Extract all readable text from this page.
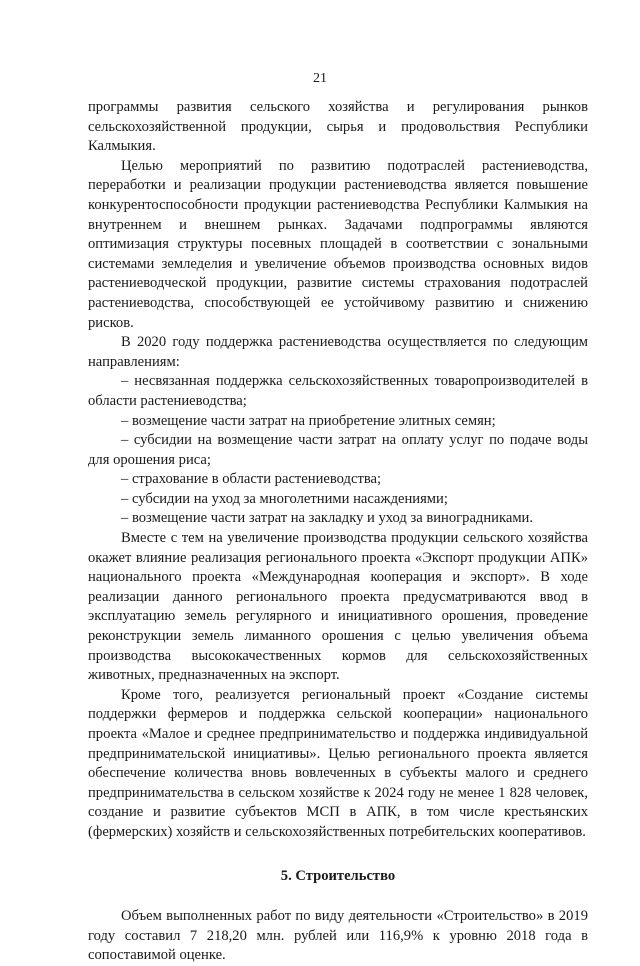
21

программы развития сельского хозяйства и регулирования рынков сельскохозяйственной продукции, сырья и продовольствия Республики Калмыкия.

Целью мероприятий по развитию подотраслей растениеводства, переработки и реализации продукции растениеводства является повышение конкурентоспособности продукции растениеводства Республики Калмыкия на внутреннем и внешнем рынках. Задачами подпрограммы являются оптимизация структуры посевных площадей в соответствии с зональными системами земледелия и увеличение объемов производства основных видов растениеводческой продукции, развитие системы страхования подотраслей растениеводства, способствующей ее устойчивому развитию и снижению рисков.

В 2020 году поддержка растениеводства осуществляется по следующим направлениям:

– несвязанная поддержка сельскохозяйственных товаропроизводителей в области растениеводства;

– возмещение части затрат на приобретение элитных семян;

– субсидии на возмещение части затрат на оплату услуг по подаче воды для орошения риса;

– страхование в области растениеводства;

– субсидии на уход за многолетними насаждениями;

– возмещение части затрат на закладку и уход за виноградниками.

Вместе с тем на увеличение производства продукции сельского хозяйства окажет влияние реализация регионального проекта «Экспорт продукции АПК» национального проекта «Международная кооперация и экспорт». В ходе реализации данного регионального проекта предусматриваются ввод в эксплуатацию земель регулярного и инициативного орошения, проведение реконструкции земель лиманного орошения с целью увеличения объема производства высококачественных кормов для сельскохозяйственных животных, предназначенных на экспорт.

Кроме того, реализуется региональный проект «Создание системы поддержки фермеров и поддержка сельской кооперации» национального проекта «Малое и среднее предпринимательство и поддержка индивидуальной предпринимательской инициативы». Целью регионального проекта является обеспечение количества вновь вовлеченных в субъекты малого и среднего предпринимательства в сельском хозяйстве к 2024 году не менее 1 828 человек, создание и развитие субъектов МСП в АПК, в том числе крестьянских (фермерских) хозяйств и сельскохозяйственных потребительских кооперативов.

5. Строительство

Объем выполненных работ по виду деятельности «Строительство» в 2019 году составил 7 218,20 млн. рублей или 116,9% к уровню 2018 года в сопоставимой оценке.
